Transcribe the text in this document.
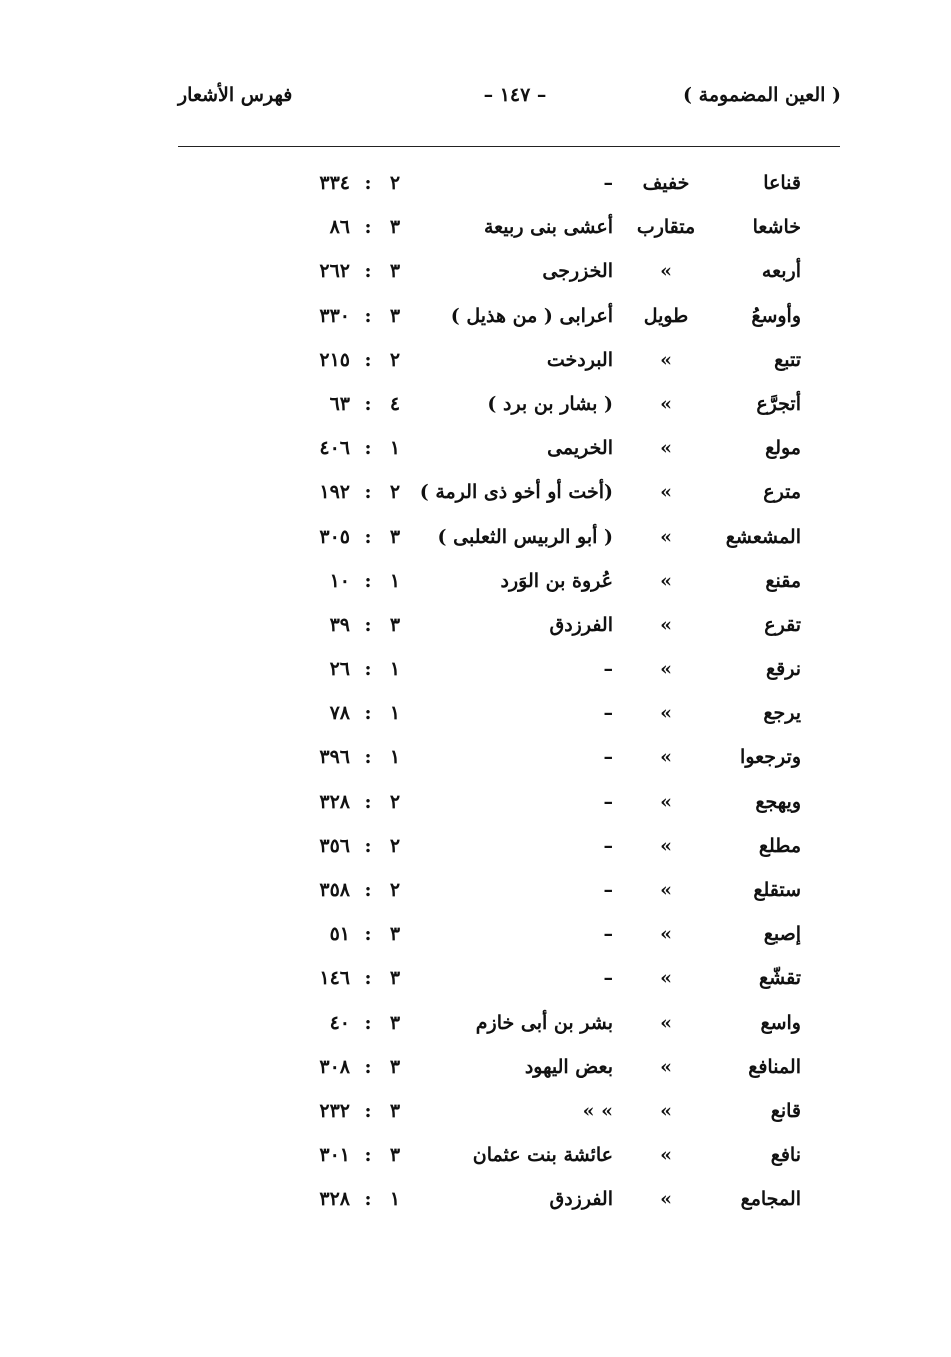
( العين المضمومة )
– ١٤٧ –
فهرس الأشعار
قناعا
خفيف
–
٢
:
٣٣٤
خاشعا
متقارب
أعشى بنى ربيعة
٣
:
٨٦
أربعه
»
الخزرجى
٣
:
٢٦٢
وأوسعُ
طويل
أعرابى ( من هذيل )
٣
:
٣٣٠
تتبع
»
البردخت
٢
:
٢١٥
أتجرَّع
»
( بشار بن برد )
٤
:
٦٣
مولع
»
الخريمى
١
:
٤٠٦
مترع
»
(أخت أو أخو ذى الرمة )
٢
:
١٩٢
المشعشع
»
( أبو الربيس الثعلبى )
٣
:
٣٠٥
مقنع
»
عُروة بن الوَرد
١
:
١٠
تقرع
»
الفرزدق
٣
:
٣٩
نرقع
»
–
١
:
٢٦
يرجع
»
–
١
:
٧٨
وترجعوا
»
–
١
:
٣٩٦
ويهجع
»
–
٢
:
٣٢٨
مطلع
»
–
٢
:
٣٥٦
ستقلع
»
–
٢
:
٣٥٨
إصبع
»
–
٣
:
٥١
تقشّع
»
–
٣
:
١٤٦
واسع
»
بشر بن أبى خازم
٣
:
٤٠
المنافع
»
بعض اليهود
٣
:
٣٠٨
قانع
»
» »
٣
:
٢٣٢
نافع
»
عائشة بنت عثمان
٣
:
٣٠١
المجامع
»
الفرزدق
١
:
٣٢٨
